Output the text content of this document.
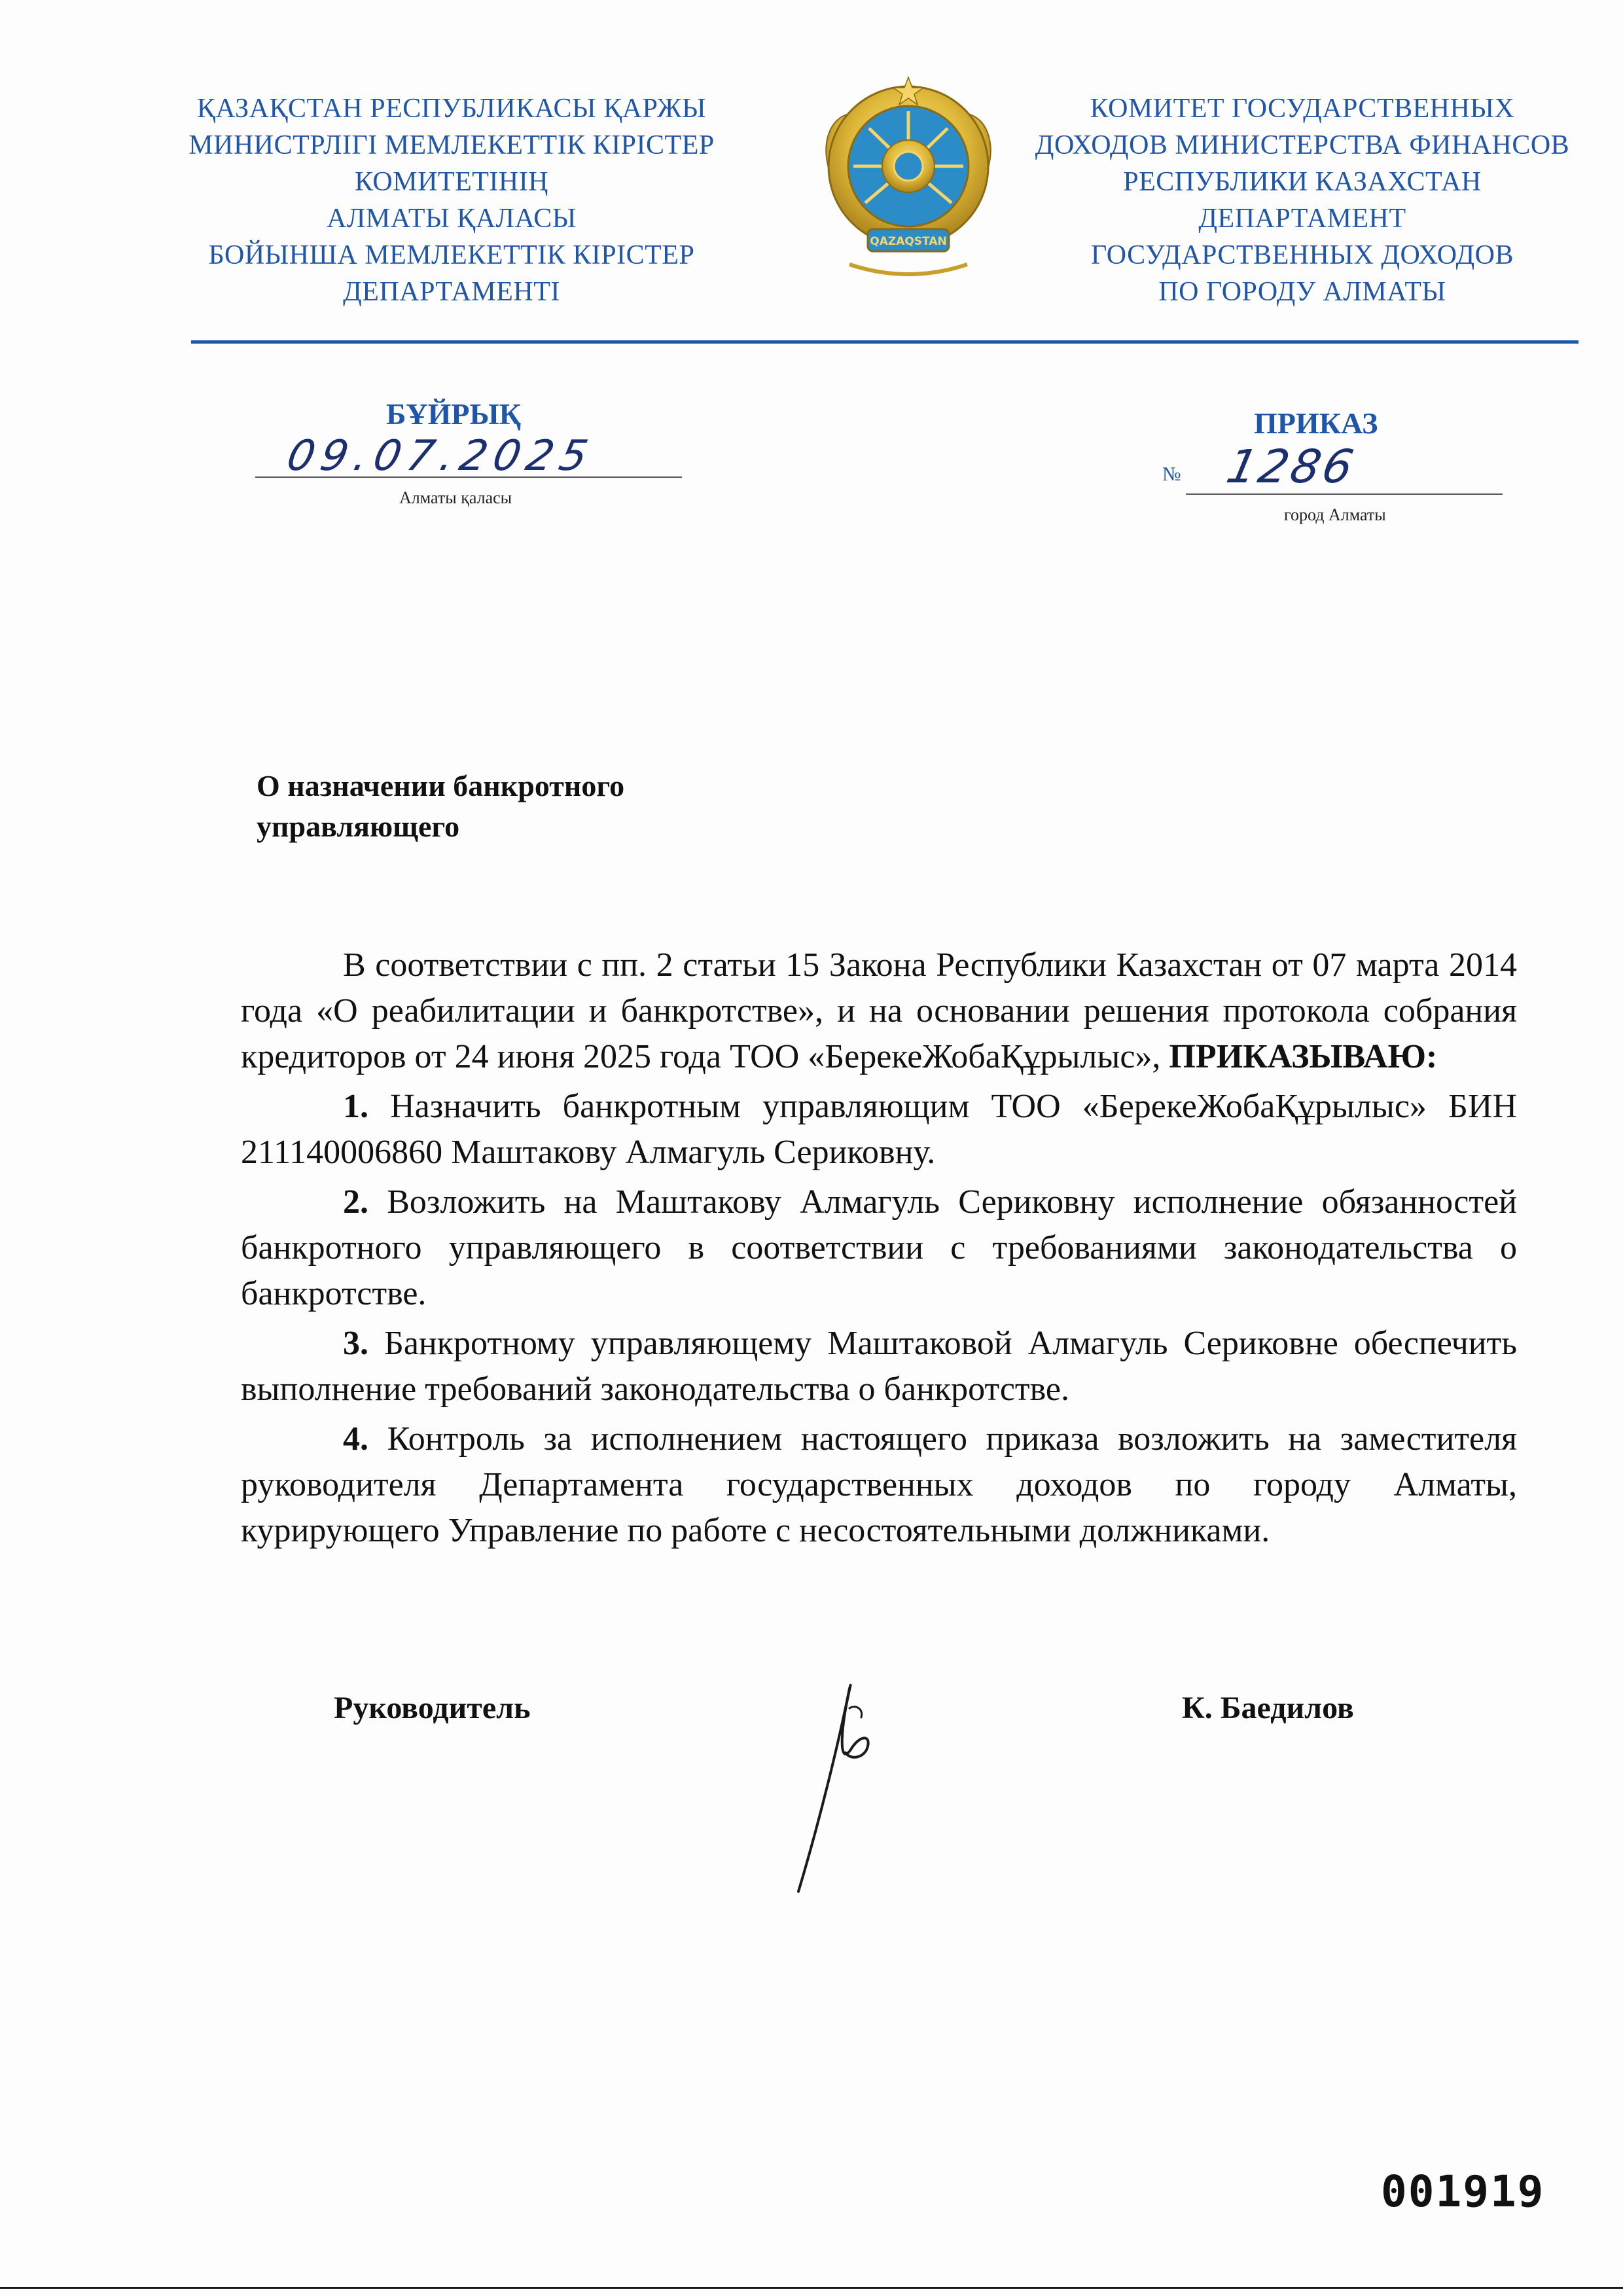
ҚАЗАҚСТАН РЕСПУБЛИКАСЫ ҚАРЖЫ
МИНИСТРЛІГІ МЕМЛЕКЕТТІК КІРІСТЕР
КОМИТЕТІНІҢ
АЛМАТЫ ҚАЛАСЫ
БОЙЫНША МЕМЛЕКЕТТІК КІРІСТЕР
ДЕПАРТАМЕНТІ
QAZAQSTAN
КОМИТЕТ ГОСУДАРСТВЕННЫХ
ДОХОДОВ МИНИСТЕРСТВА ФИНАНСОВ
РЕСПУБЛИКИ КАЗАХСТАН
ДЕПАРТАМЕНТ
ГОСУДАРСТВЕННЫХ ДОХОДОВ
ПО ГОРОДУ АЛМАТЫ
БҰЙРЫҚ	ПРИКАЗ
09.07.2025
Алматы қаласы
№ 1286
город Алматы
О назначении банкротного
управляющего

В соответствии с пп. 2 статьи 15 Закона Республики Казахстан от 07 марта 2014 года «О реабилитации и банкротстве», и на основании решения протокола собрания кредиторов от 24 июня 2025 года ТОО «БерекеЖобаҚұрылыс», ПРИКАЗЫВАЮ:

1. Назначить банкротным управляющим ТОО «БерекеЖобаҚұрылыс» БИН 211140006860 Маштакову Алмагуль Сериковну.

2. Возложить на Маштакову Алмагуль Сериковну исполнение обязанностей банкротного управляющего в соответствии с требованиями законодательства о банкротстве.

3. Банкротному управляющему Маштаковой Алмагуль Сериковне обеспечить выполнение требований законодательства о банкротстве.

4. Контроль за исполнением настоящего приказа возложить на заместителя руководителя Департамента государственных доходов по городу Алматы, курирующего Управление по работе с несостоятельными должниками.

Руководитель	К. Баедилов
001919
